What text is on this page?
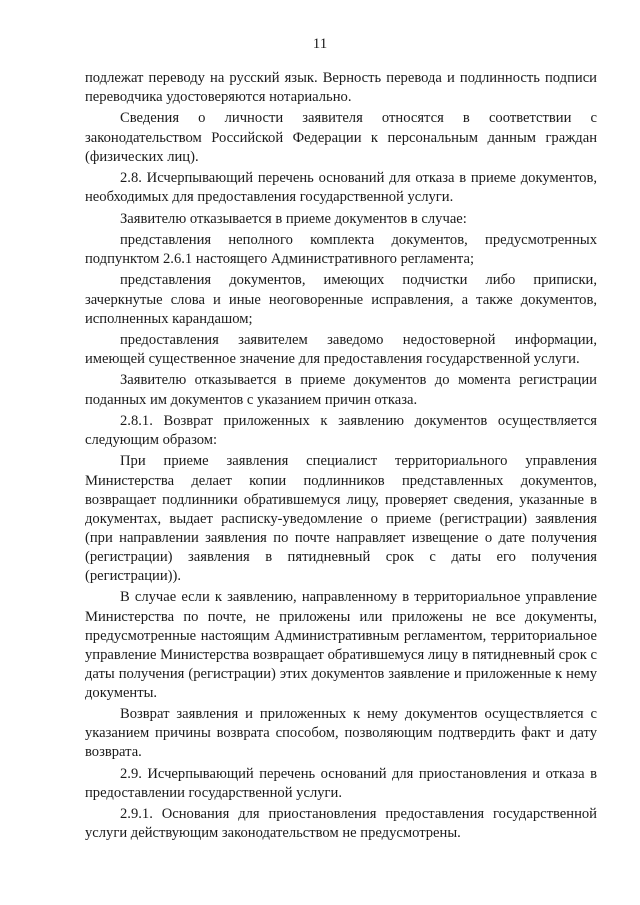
11

подлежат переводу на русский язык. Верность перевода и подлинность подписи переводчика удостоверяются нотариально.

Сведения о личности заявителя относятся в соответствии с законодательством Российской Федерации к персональным данным граждан (физических лиц).

2.8. Исчерпывающий перечень оснований для отказа в приеме документов, необходимых для предоставления государственной услуги.

Заявителю отказывается в приеме документов в случае:

представления неполного комплекта документов, предусмотренных подпунктом 2.6.1 настоящего Административного регламента;

представления документов, имеющих подчистки либо приписки, зачеркнутые слова и иные неоговоренные исправления, а также документов, исполненных карандашом;

предоставления заявителем заведомо недостоверной информации, имеющей существенное значение для предоставления государственной услуги.

Заявителю отказывается в приеме документов до момента регистрации поданных им документов с указанием причин отказа.

2.8.1. Возврат приложенных к заявлению документов осуществляется следующим образом:

При приеме заявления специалист территориального управления Министерства делает копии подлинников представленных документов, возвращает подлинники обратившемуся лицу, проверяет сведения, указанные в документах, выдает расписку-уведомление о приеме (регистрации) заявления (при направлении заявления по почте направляет извещение о дате получения (регистрации) заявления в пятидневный срок с даты его получения (регистрации)).

В случае если к заявлению, направленному в территориальное управление Министерства по почте, не приложены или приложены не все документы, предусмотренные настоящим Административным регламентом, территориальное управление Министерства возвращает обратившемуся лицу в пятидневный срок с даты получения (регистрации) этих документов заявление и приложенные к нему документы.

Возврат заявления и приложенных к нему документов осуществляется с указанием причины возврата способом, позволяющим подтвердить факт и дату возврата.

2.9. Исчерпывающий перечень оснований для приостановления и отказа в предоставлении государственной услуги.

2.9.1. Основания для приостановления предоставления государственной услуги действующим законодательством не предусмотрены.
